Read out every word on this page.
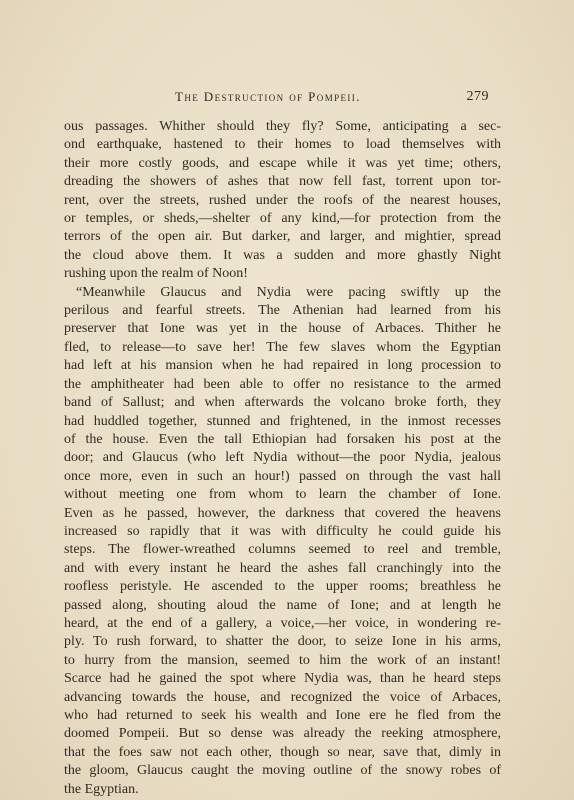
The Destruction of Pompeii.	279
ous passages. Whither should they fly? Some, anticipating a sec-
ond earthquake, hastened to their homes to load themselves with
their more costly goods, and escape while it was yet time; others,
dreading the showers of ashes that now fell fast, torrent upon tor-
rent, over the streets, rushed under the roofs of the nearest houses,
or temples, or sheds,—shelter of any kind,—for protection from the
terrors of the open air. But darker, and larger, and mightier, spread
the cloud above them. It was a sudden and more ghastly Night
rushing upon the realm of Noon!
“Meanwhile Glaucus and Nydia were pacing swiftly up the
perilous and fearful streets. The Athenian had learned from his
preserver that Ione was yet in the house of Arbaces. Thither he
fled, to release—to save her! The few slaves whom the Egyptian
had left at his mansion when he had repaired in long procession to
the amphitheater had been able to offer no resistance to the armed
band of Sallust; and when afterwards the volcano broke forth, they
had huddled together, stunned and frightened, in the inmost recesses
of the house. Even the tall Ethiopian had forsaken his post at the
door; and Glaucus (who left Nydia without—the poor Nydia, jealous
once more, even in such an hour!) passed on through the vast hall
without meeting one from whom to learn the chamber of Ione.
Even as he passed, however, the darkness that covered the heavens
increased so rapidly that it was with difficulty he could guide his
steps. The flower-wreathed columns seemed to reel and tremble,
and with every instant he heard the ashes fall cranchingly into the
roofless peristyle. He ascended to the upper rooms; breathless he
passed along, shouting aloud the name of Ione; and at length he
heard, at the end of a gallery, a voice,—her voice, in wondering re-
ply. To rush forward, to shatter the door, to seize Ione in his arms,
to hurry from the mansion, seemed to him the work of an instant!
Scarce had he gained the spot where Nydia was, than he heard steps
advancing towards the house, and recognized the voice of Arbaces,
who had returned to seek his wealth and Ione ere he fled from the
doomed Pompeii. But so dense was already the reeking atmosphere,
that the foes saw not each other, though so near, save that, dimly in
the gloom, Glaucus caught the moving outline of the snowy robes of
the Egyptian.
